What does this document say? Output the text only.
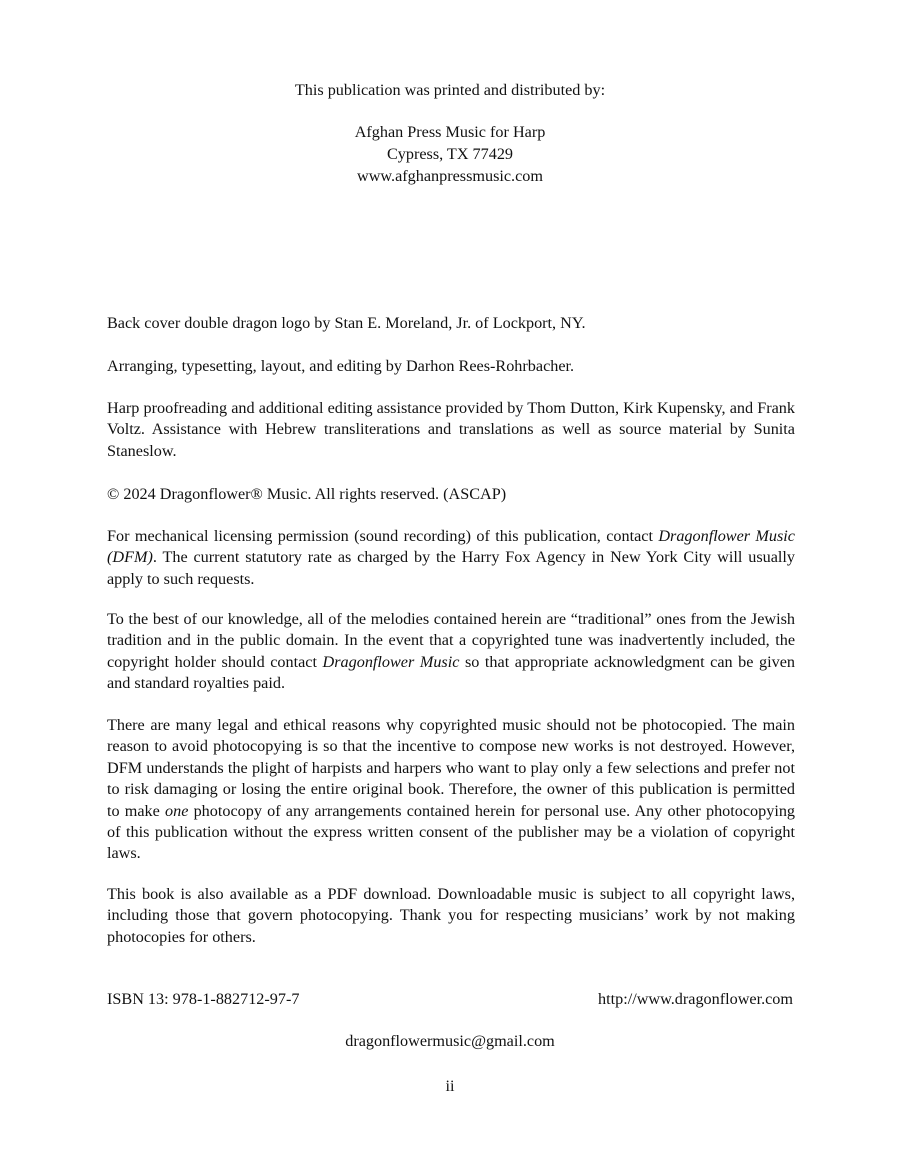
This publication was printed and distributed by:
Afghan Press Music for Harp
Cypress, TX 77429
www.afghanpressmusic.com

Back cover double dragon logo by Stan E. Moreland, Jr. of Lockport, NY.

Arranging, typesetting, layout, and editing by Darhon Rees-Rohrbacher.

Harp proofreading and additional editing assistance provided by Thom Dutton, Kirk Kupensky, and Frank Voltz. Assistance with Hebrew transliterations and translations as well as source material by Sunita Staneslow.

© 2024 Dragonflower® Music. All rights reserved. (ASCAP)

For mechanical licensing permission (sound recording) of this publication, contact Dragonflower Music (DFM). The current statutory rate as charged by the Harry Fox Agency in New York City will usually apply to such requests.

To the best of our knowledge, all of the melodies contained herein are “traditional” ones from the Jewish tradition and in the public domain. In the event that a copyrighted tune was inadvertently included, the copyright holder should contact Dragonflower Music so that appropriate acknowledgment can be given and standard royalties paid.

There are many legal and ethical reasons why copyrighted music should not be photocopied. The main reason to avoid photocopying is so that the incentive to compose new works is not destroyed. However, DFM understands the plight of harpists and harpers who want to play only a few selections and prefer not to risk damaging or losing the entire original book. Therefore, the owner of this publication is permitted to make one photocopy of any arrangements contained herein for personal use. Any other photocopying of this publication without the express written consent of the publisher may be a violation of copyright laws.

This book is also available as a PDF download. Downloadable music is subject to all copyright laws, including those that govern photocopying. Thank you for respecting musicians’ work by not making photocopies for others.

ISBN 13: 978-1-882712-97-7	http://www.dragonflower.com
dragonflowermusic@gmail.com
ii
